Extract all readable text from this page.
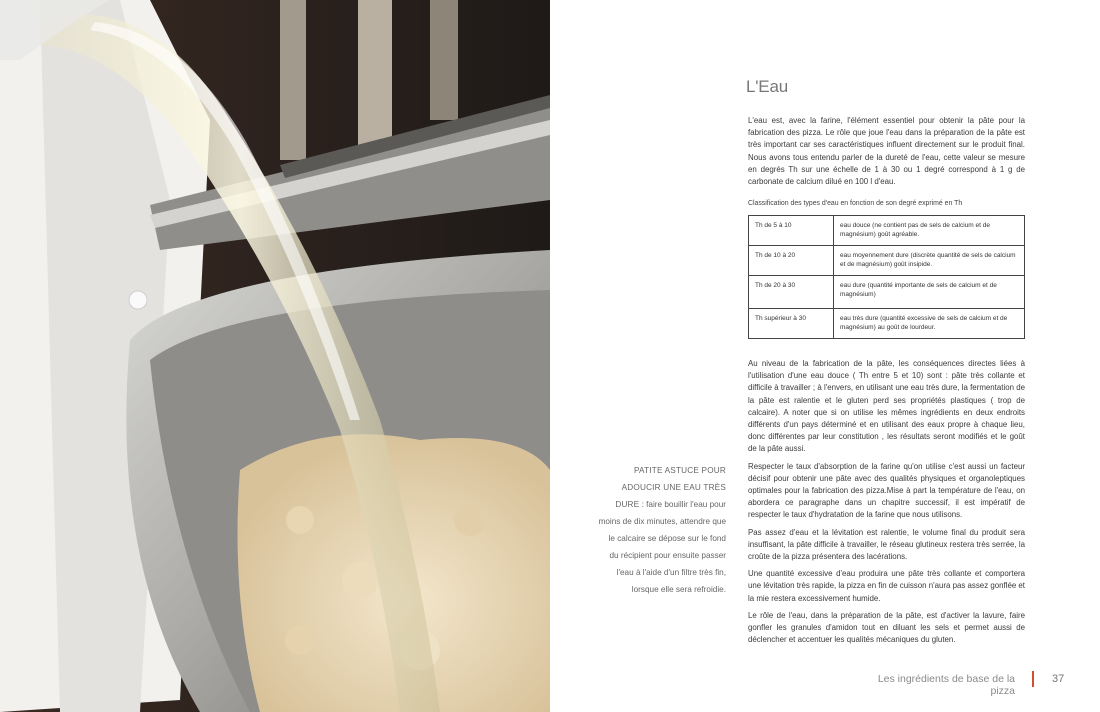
PATITE ASTUCE POUR ADOUCIR UNE EAU TRÈS DURE : faire bouillir l'eau pour moins de dix minutes, attendre que le calcaire se dépose sur le fond du récipient pour ensuite passer l'eau à l'aide d'un filtre très fin, lorsque elle sera refroidie.
L'Eau

L'eau est, avec la farine, l'élément essentiel pour obtenir la pâte pour la fabrication des pizza. Le rôle que joue l'eau dans la préparation de la pâte est très important car ses caractéristiques influent directement sur le produit final. Nous avons tous entendu parler de la dureté de l'eau, cette valeur se mesure en degrés Th sur une échelle de 1 à 30 ou 1 degré correspond à 1 g de carbonate de calcium dilué en 100 l d'eau.

Classification des types d'eau en fonction de son degré exprimé en Th

Th de 5 à 10	eau douce (ne contient pas de sels de calcium et de magnésium) goût agréable.
Th de 10 à 20	eau moyennement dure (discrète quantité de sels de calcium et de magnésium) goût insipide.
Th de 20 à 30	eau dure (quantité importante de sels de calcium et de magnésium)
Th supérieur à 30	eau très dure (quantité excessive de sels de calcium et de magnésium) au goût de lourdeur.

Au niveau de la fabrication de la pâte, les conséquences directes liées à l'utilisation d'une eau douce ( Th entre 5 et 10) sont : pâte très collante et difficile à travailler ; à l'envers, en utilisant une eau très dure, la fermentation de la pâte est ralentie et le gluten perd ses propriétés plastiques ( trop de calcaire). A noter que si on utilise les mêmes ingrédients en deux endroits différents d'un pays déterminé et en utilisant des eaux propre à chaque lieu, donc différentes par leur constitution , les résultats seront modifiés et le goût de la pâte aussi.

Respecter le taux d'absorption de la farine qu'on utilise c'est aussi un facteur décisif pour obtenir une pâte avec des qualités physiques et organoleptiques optimales pour la fabrication des pizza.Mise à part la température de l'eau, on abordera ce paragraphe dans un chapitre successif, il est impératif de respecter le taux d'hydratation de la farine que nous utilisons.

Pas assez d'eau et la lévitation est ralentie, le volume final du produit sera insuffisant, la pâte difficile à travailler, le réseau glutineux restera très serrée, la croûte de la pizza présentera des lacérations.

Une quantité excessive d'eau produira une pâte très collante et comportera une lévitation très rapide, la pizza en fin de cuisson n'aura pas assez gonflée et la mie restera excessivement humide.

Le rôle de l'eau, dans la préparation de la pâte, est d'activer la lavure, faire gonfler les granules d'amidon tout en diluant les sels et permet aussi de déclencher et accentuer les qualités mécaniques du gluten.

Les ingrédients de base de la pizza
37
